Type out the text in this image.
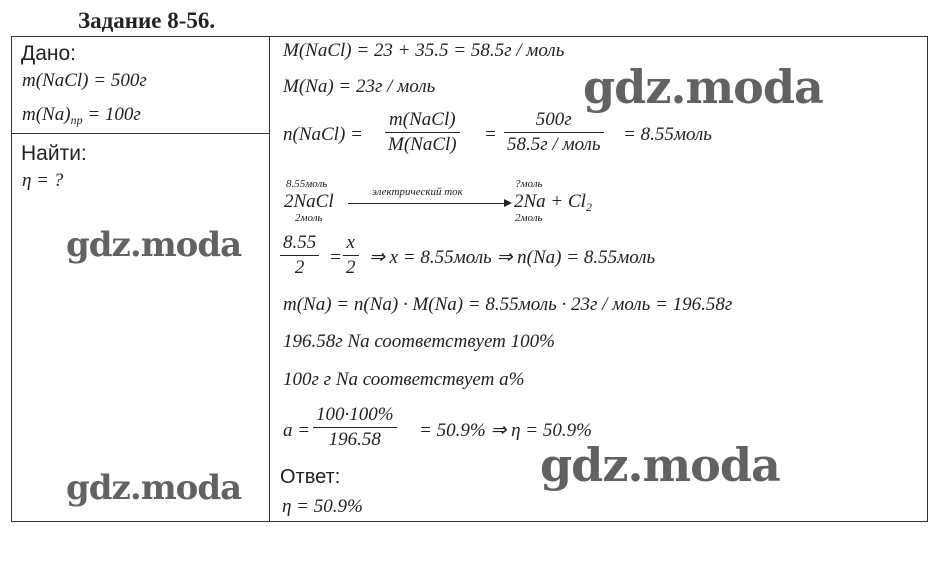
Задание 8-56.
Дано:
m(NaCl) = 500г
$m(Na)_{пр} = 100г$
Найти:
η = ?
M(NaCl) = 23 + 35.5 = 58.5г / моль
M(Na) = 23г / моль
n(NaCl) =
m(NaCl)
M(NaCl) =
500г
58.5г / моль = 8.55моль
8.55моль
2NaCl
2моль
электрический ток
?моль
$2Na + Cl_2$
2моль
8.55
2	=
x
2 ⇒ x = 8.55моль ⇒ n(Na) = 8.55моль
m(Na) = n(Na) · M(Na) = 8.55моль · 23г / моль = 196.58г
196.58г Na соответствует 100%
100г г Na соответствует a%
a =
100·100%
196.58	= 50.9% ⇒ η = 50.9%
Ответ:
η = 50.9%
gdz.moda
gdz.moda
gdz.moda
gdz.moda
